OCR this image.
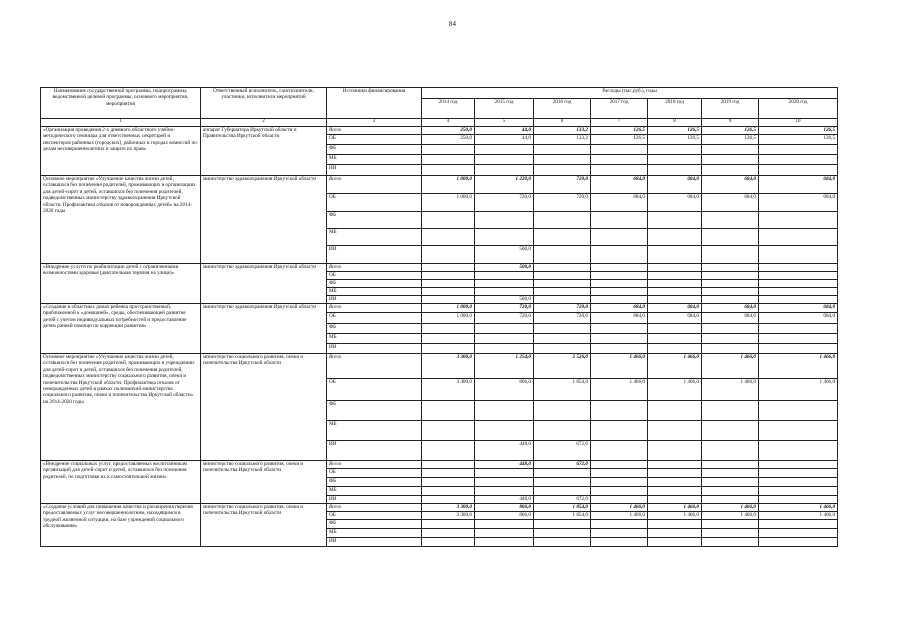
84
Наименование государственной программы, подпрограммы, ведомственной целевой программы, основного мероприятия, мероприятия	Ответственный исполнитель, соисполнители, участники, исполнители мероприятий	Источники финансирования	Расходы (тыс.руб.), годы						
			2014 год	2015 год	2016 год	2017 год	2018 год	2019 год	2020 год
1	2	3	4	5	6	7	8	9	10
«Организация проведения 2-х дневного областного учебно-методического семинара для ответственных секретарей и инспекторов районных (городских), районных в городах комиссий по делам несовершеннолетних и защите их прав»	аппарат Губернатора Иркутской области и Правительства Иркутской области	Всего	250,0	44,0	133,2	126,5	126,5	126,5	126,5
		ОБ	250,0	44,0	133,2	126,5	126,5	126,5	126,5
		ФБ							
		МБ							
		ИИ							
Основное мероприятие «Улучшение качества жизни детей, оставшихся без попечения родителей, проживающих в организациях для детей-сирот и детей, оставшихся без попечения родителей, подведомственных министерству здравоохранения Иркутской области. Профилактика отказов от новорожденных детей» на 2014-2020 годы	министерство здравоохранения Иркутской области	Всего	1 000,0	1 220,0	720,0	684,0	684,0	684,0	684,0
		ОБ	1 000,0	720,0	720,0	684,0	684,0	684,0	684,0
		ФБ							
		МБ							
		ИИ		500,0					
«Внедрение услуги по реабилитации детей с ограниченными возможностями здоровья (двигательная терапия на улице)»	министерство здравоохранения Иркутской области	Всего		500,0					
		ОБ							
		ФБ							
		МБ							
		ИИ		500,0					
«Создание в областных домах ребенка пространственной, приближенной к «домашней», среды, обеспечивающей развитие детей с учетом индивидуальных потребностей и предоставление детям ранней помощи по коррекции развития»	министерство здравоохранения Иркутской области	Всего	1 000,0	720,0	720,0	684,0	684,0	684,0	684,0
		ОБ	1 000,0	720,0	720,0	684,0	684,0	684,0	684,0
		ФБ							
		МБ							
		ИИ							
Основное мероприятие «Улучшение качества жизни детей, оставшихся без попечения родителей, проживающих в учреждениях для детей-сирот и детей, оставшихся без попечения родителей, подведомственных министерству социального развития, опеки и попечительства Иркутской области. Профилактика отказов от новорожденных детей в рамках полномочий министерства социального развития, опеки и попечительства Иркутской области» на 2014-2020 годы	министерство социального развития, опеки и попечительства Иркутской области	Всего	3 300,0	1 254,0	2 526,0	1 466,0	1 466,0	1 466,0	1 466,0
		ОБ	3 300,0	806,0	1 854,0	1 466,0	1 466,0	1 466,0	1 466,0
		ФБ							
		МБ							
		ИИ		448,0	672,0				
«Внедрение социальных услуг, предоставляемых воспитанникам организаций для детей-сирот и детей, оставшихся без попечения родителей, по подготовке их к самостоятельной жизни»	министерство социального развития, опеки и попечительства Иркутской области	Всего		448,0	672,0				
		ОБ							
		ФБ							
		МБ							
		ИИ		448,0	672,0				
«Создание условий для повышения качества и расширения перечня предоставляемых услуг несовершеннолетним, находящимся в трудной жизненной ситуации, на базе учреждений социального обслуживания»	министерство социального развития, опеки и попечительства Иркутской области	Всего	3 300,0	806,0	1 854,0	1 466,0	1 466,0	1 466,0	1 466,0
		ОБ	3 300,0	806,0	1 854,0	1 466,0	1 466,0	1 466,0	1 466,0
		ФБ							
		МБ							
		ИИ							
